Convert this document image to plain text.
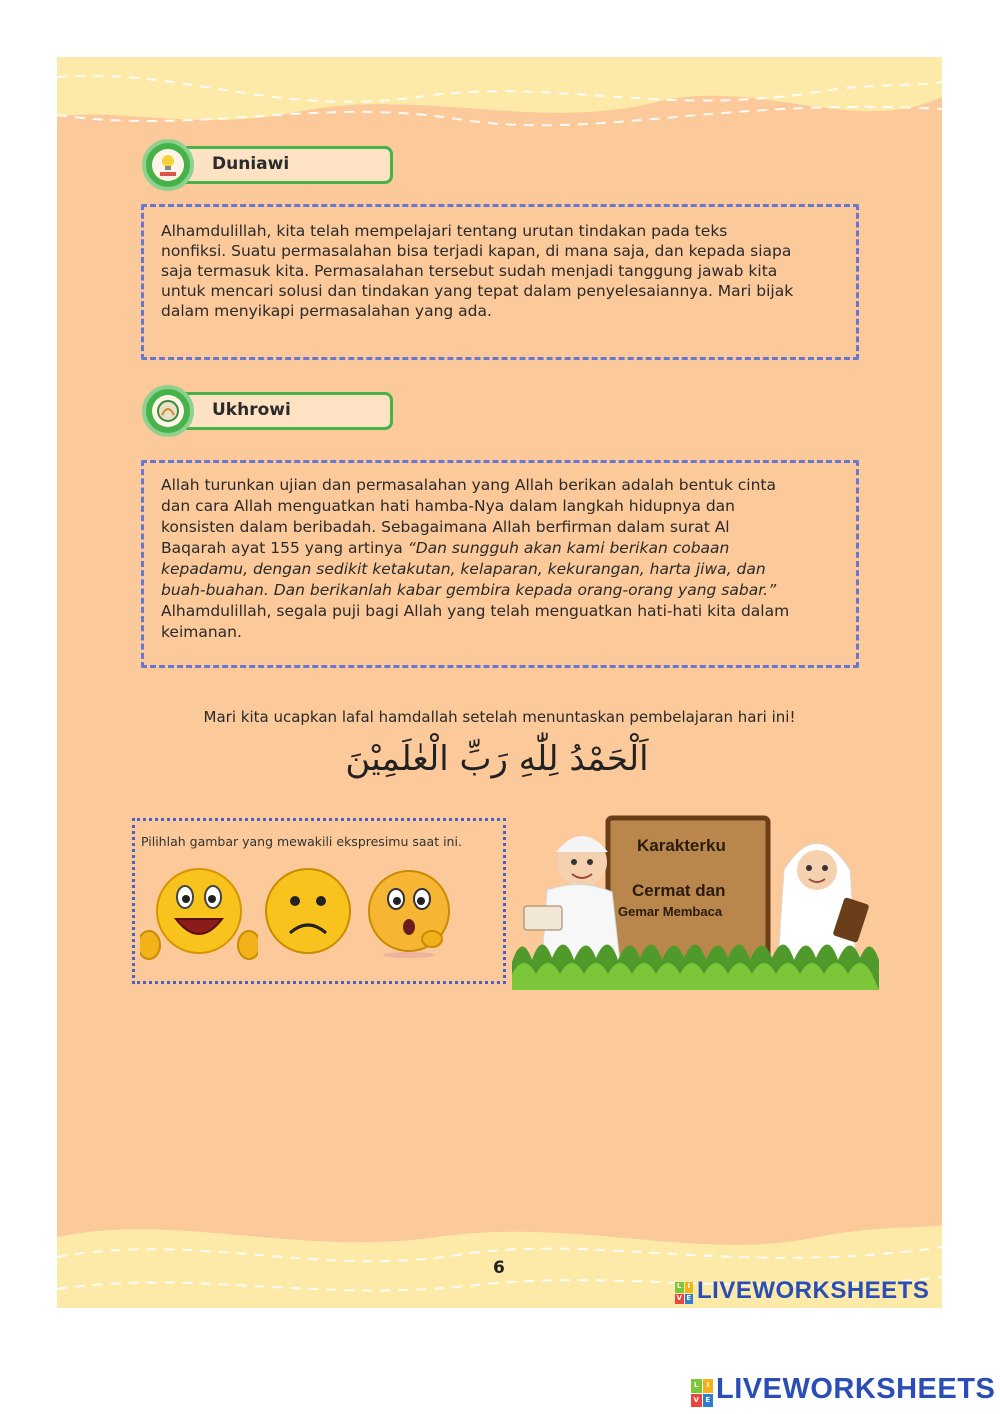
Duniawi
Alhamdulillah, kita telah mempelajari tentang urutan tindakan pada teks
nonfiksi. Suatu permasalahan bisa terjadi kapan, di mana saja, dan kepada siapa
saja termasuk kita. Permasalahan tersebut sudah menjadi tanggung jawab kita
untuk mencari solusi dan tindakan yang tepat dalam penyelesaiannya. Mari bijak
dalam menyikapi permasalahan yang ada.
Ukhrowi
Allah turunkan ujian dan permasalahan yang Allah berikan adalah bentuk cinta
dan cara Allah menguatkan hati hamba-Nya dalam langkah hidupnya dan
konsisten dalam beribadah. Sebagaimana Allah berfirman dalam surat Al
Baqarah ayat 155 yang artinya “Dan sungguh akan kami berikan cobaan
kepadamu, dengan sedikit ketakutan, kelaparan, kekurangan, harta jiwa, dan
buah-buahan. Dan berikanlah kabar gembira kepada orang-orang yang sabar.”
Alhamdulillah, segala puji bagi Allah yang telah menguatkan hati-hati kita dalam
keimanan.
Mari kita ucapkan lafal hamdallah setelah menuntaskan pembelajaran hari ini!
اَلْحَمْدُ لِلّٰهِ رَبِّ الْعٰلَمِيْنَ
Pilihlah gambar yang mewakili ekspresimu saat ini.	Karakterku
Cermat dan
Gemar Membaca
6
L I
V E LIVEWORKSHEETS
L	I
V E LIVEWORKSHEETS
